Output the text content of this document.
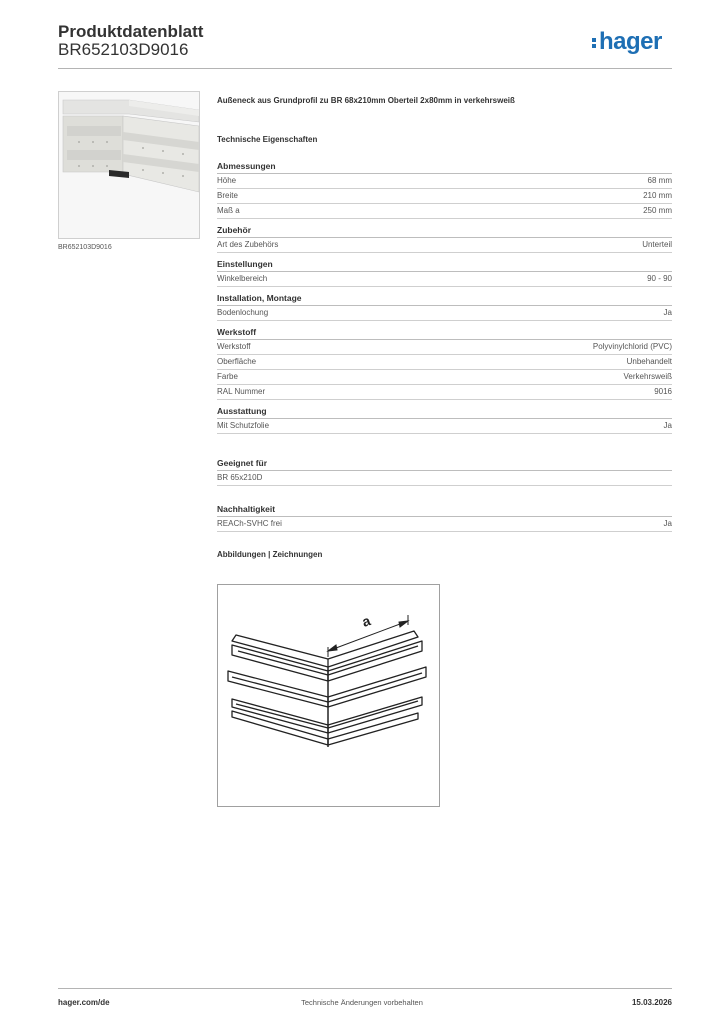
Produktdatenblatt
BR652103D9016	hager
BR652103D9016
Außeneck aus Grundprofil zu BR 68x210mm Oberteil 2x80mm in verkehrsweiß
Technische Eigenschaften
Abmessungen
Höhe	68 mm
Breite	210 mm
Maß a	250 mm
Zubehör
Art des Zubehörs	Unterteil
Einstellungen
Winkelbereich	90 - 90
Installation, Montage
Bodenlochung	Ja
Werkstoff
Werkstoff	Polyvinylchlorid (PVC)
Oberfläche	Unbehandelt
Farbe	Verkehrsweiß
RAL Nummer	9016
Ausstattung
Mit Schutzfolie	Ja
Geeignet für
BR 65x210D
Nachhaltigkeit
REACh-SVHC frei	Ja
Abbildungen | Zeichnungen
a
hager.com/de	Technische Änderungen vorbehalten	15.03.2026
